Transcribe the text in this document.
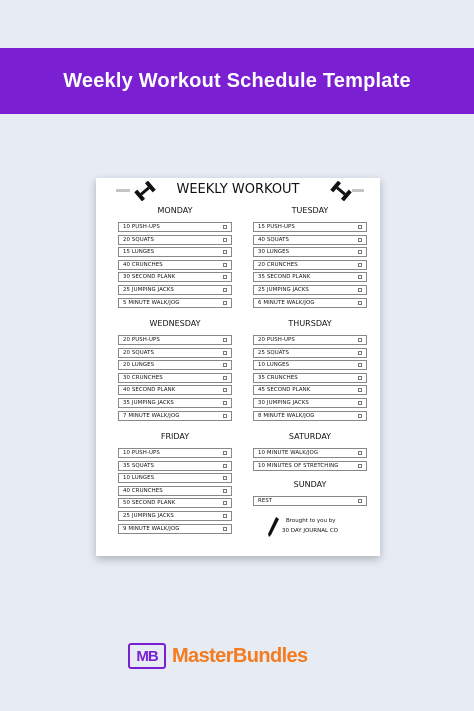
Weekly Workout Schedule Template
WEEKLY WORKOUT
MONDAY
10 PUSH-UPS
20 SQUATS
15 LUNGES
40 CRUNCHES
30 SECOND PLANK
25 JUMPING JACKS
5 MINUTE WALK/JOG
TUESDAY
15 PUSH-UPS
40 SQUATS
30 LUNGES
20 CRUNCHES
35 SECOND PLANK
25 JUMPING JACKS
6 MINUTE WALK/JOG
WEDNESDAY
20 PUSH-UPS
20 SQUATS
20 LUNGES
30 CRUNCHES
40 SECOND PLANK
35 JUMPING JACKS
7 MINUTE WALK/JOG
THURSDAY
20 PUSH-UPS
25 SQUATS
10 LUNGES
35 CRUNCHES
45 SECOND PLANK
30 JUMPING JACKS
8 MINUTE WALK/JOG
FRIDAY
10 PUSH-UPS
35 SQUATS
10 LUNGES
40 CRUNCHES
50 SECOND PLANK
25 JUMPING JACKS
9 MINUTE WALK/JOG
SATURDAY
10 MINUTE WALK/JOG
10 MINUTES OF STRETCHING
SUNDAY
REST
Brought to you by
30 DAY JOURNAL CO
MB MasterBundles
